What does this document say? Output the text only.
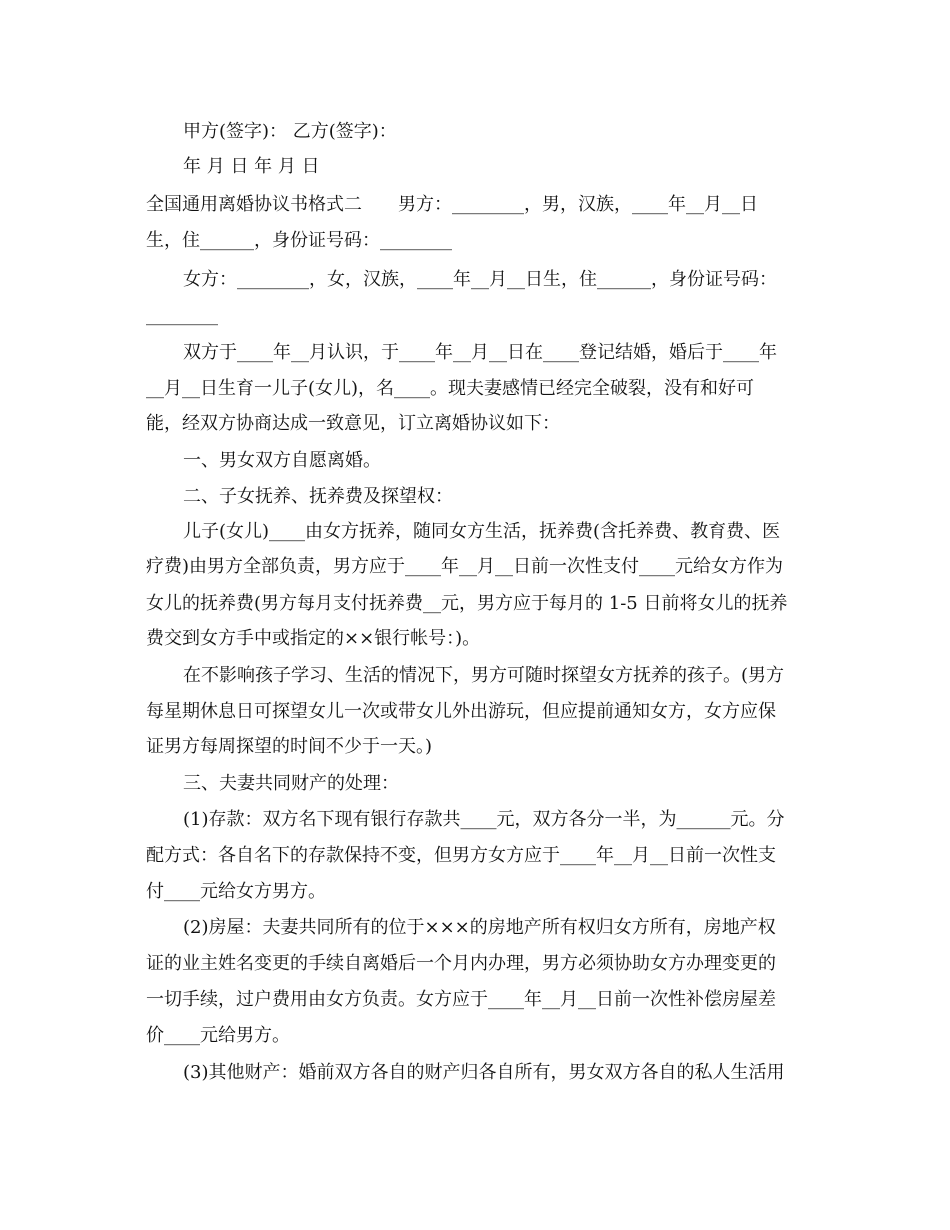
甲方(签字)： 乙方(签字)：
年 月 日 年 月 日
全国通用离婚协议书格式二　　男方：________，男，汉族，____年__月__日
生，住______，身份证号码：________
女方：________，女，汉族，____年__月__日生，住______，身份证号码：
________
双方于____年__月认识，于____年__月__日在____登记结婚，婚后于____年
__月__日生育一儿子(女儿)，名____。现夫妻感情已经完全破裂，没有和好可
能，经双方协商达成一致意见，订立离婚协议如下：
一、男女双方自愿离婚。
二、子女抚养、抚养费及探望权：
儿子(女儿)____由女方抚养，随同女方生活，抚养费(含托养费、教育费、医
疗费)由男方全部负责，男方应于____年__月__日前一次性支付____元给女方作为
女儿的抚养费(男方每月支付抚养费__元，男方应于每月的 1-5 日前将女儿的抚养
费交到女方手中或指定的××银行帐号：)。
在不影响孩子学习、生活的情况下，男方可随时探望女方抚养的孩子。(男方
每星期休息日可探望女儿一次或带女儿外出游玩，但应提前通知女方，女方应保
证男方每周探望的时间不少于一天。)
三、夫妻共同财产的处理：
(1)存款：双方名下现有银行存款共____元，双方各分一半，为______元。分
配方式：各自名下的存款保持不变，但男方女方应于____年__月__日前一次性支
付____元给女方男方。
(2)房屋：夫妻共同所有的位于×××的房地产所有权归女方所有，房地产权
证的业主姓名变更的手续自离婚后一个月内办理，男方必须协助女方办理变更的
一切手续，过户费用由女方负责。女方应于____年__月__日前一次性补偿房屋差
价____元给男方。
(3)其他财产：婚前双方各自的财产归各自所有，男女双方各自的私人生活用
